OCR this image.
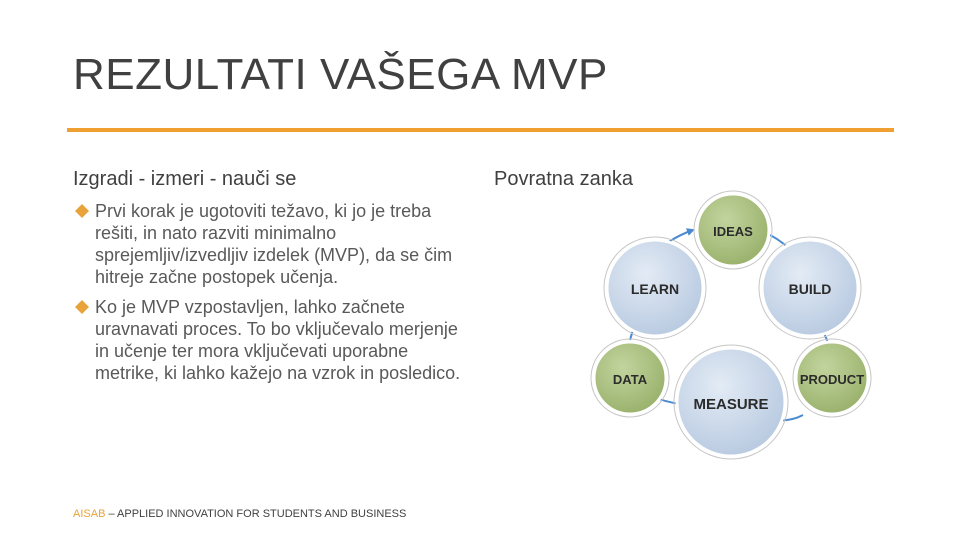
REZULTATI VAŠEGA MVP
Izgradi - izmeri - nauči se	Povratna zanka
Prvi korak je ugotoviti težavo, ki jo je treba rešiti, in nato razviti minimalno sprejemljiv/izvedljiv izdelek (MVP), da se čim hitreje začne postopek učenja.
Ko je MVP vzpostavljen, lahko začnete uravnavati proces. To bo vključevalo merjenje in učenje ter mora vključevati uporabne metrike, ki lahko kažejo na vzrok in posledico.
LEARN
IDEAS
BUILD
DATA
MEASURE
PRODUCT
AISAB – APPLIED INNOVATION FOR STUDENTS AND BUSINESS
